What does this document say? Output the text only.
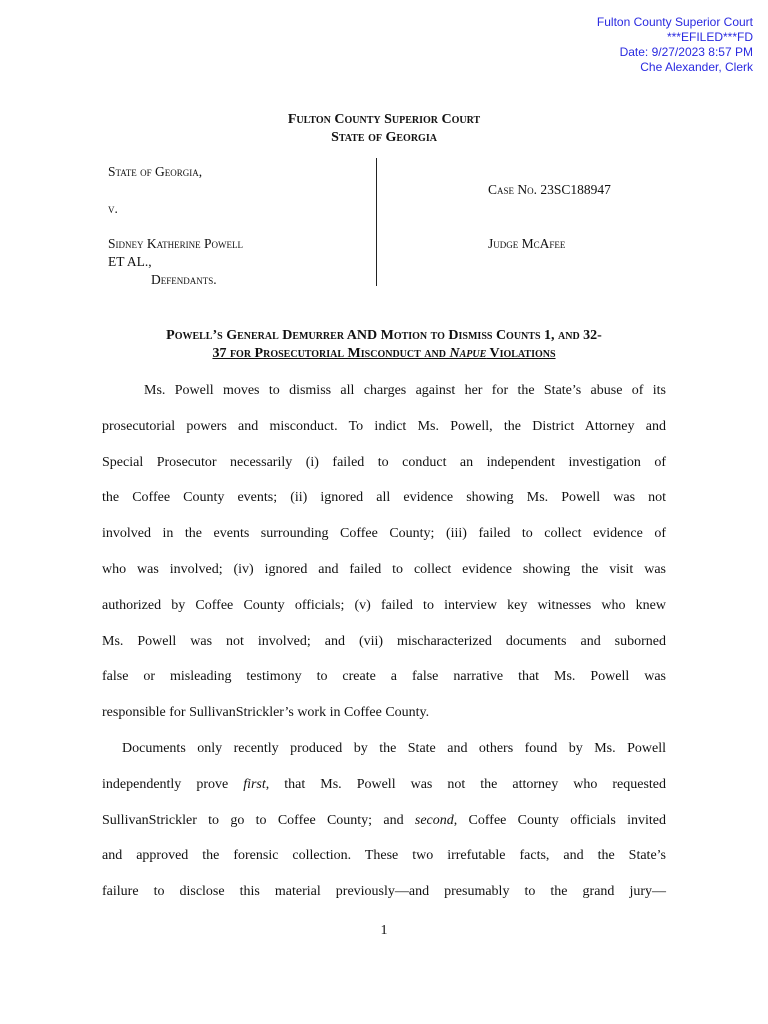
Fulton County Superior Court
***EFILED***FD
Date: 9/27/2023 8:57 PM
Che Alexander, Clerk
Fulton County Superior Court
State of Georgia
State of Georgia,
v.
Sidney Katherine Powell
ET AL.,
Defendants.
Case No. 23SC188947
Judge McAfee
Powell’s General Demurrer AND Motion to Dismiss Counts 1, and 32-
37 for Prosecutorial Misconduct and Napue Violations

Ms. Powell moves to dismiss all charges against her for the State’s abuse of its

prosecutorial powers and misconduct. To indict Ms. Powell, the District Attorney and

Special Prosecutor necessarily (i) failed to conduct an independent investigation of

the Coffee County events; (ii) ignored all evidence showing Ms. Powell was not

involved in the events surrounding Coffee County; (iii) failed to collect evidence of

who was involved; (iv) ignored and failed to collect evidence showing the visit was

authorized by Coffee County officials; (v) failed to interview key witnesses who knew

Ms. Powell was not involved; and (vii) mischaracterized documents and suborned

false or misleading testimony to create a false narrative that Ms. Powell was

responsible for SullivanStrickler’s work in Coffee County.

Documents only recently produced by the State and others found by Ms. Powell

independently prove first, that Ms. Powell was not the attorney who requested

SullivanStrickler to go to Coffee County; and second, Coffee County officials invited

and approved the forensic collection. These two irrefutable facts, and the State’s

failure to disclose this material previously—and presumably to the grand jury—

1
